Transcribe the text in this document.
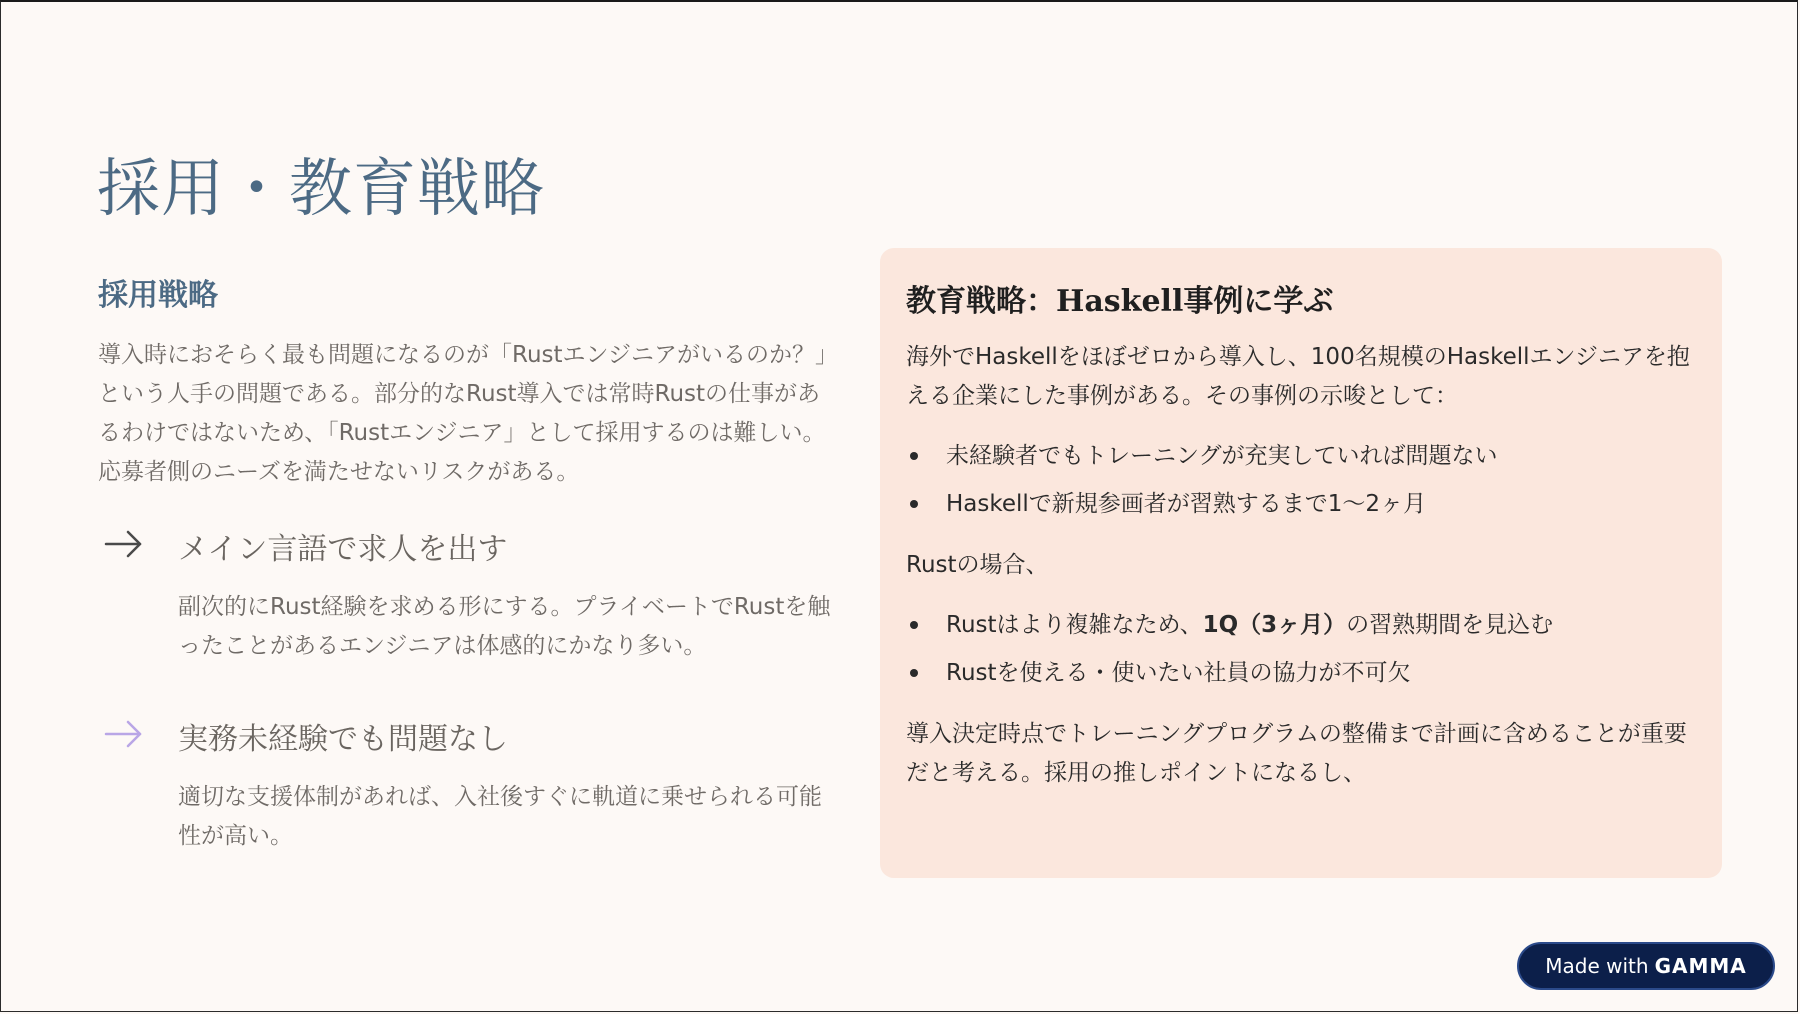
採用・教育戦略
採用戦略

導入時におそらく最も問題になるのが「Rustエンジニアがいるのか？」という人手の問題である。部分的なRust導入では常時Rustの仕事があるわけではないため、「Rustエンジニア」として採用するのは難しい。応募者側のニーズを満たせないリスクがある。

メイン言語で求人を出す

副次的にRust経験を求める形にする。プライベートでRustを触ったことがあるエンジニアは体感的にかなり多い。

実務未経験でも問題なし

適切な支援体制があれば、入社後すぐに軌道に乗せられる可能性が高い。

教育戦略：Haskell事例に学ぶ

海外でHaskellをほぼゼロから導入し、100名規模のHaskellエンジニアを抱える企業にした事例がある。その事例の示唆として：

未経験者でもトレーニングが充実していれば問題ない
Haskellで新規参画者が習熟するまで1〜2ヶ月

Rustの場合、

Rustはより複雑なため、1Q（3ヶ月）の習熟期間を見込む
Rustを使える・使いたい社員の協力が不可欠

導入決定時点でトレーニングプログラムの整備まで計画に含めることが重要だと考える。採用の推しポイントになるし、

Made with GAMMA
